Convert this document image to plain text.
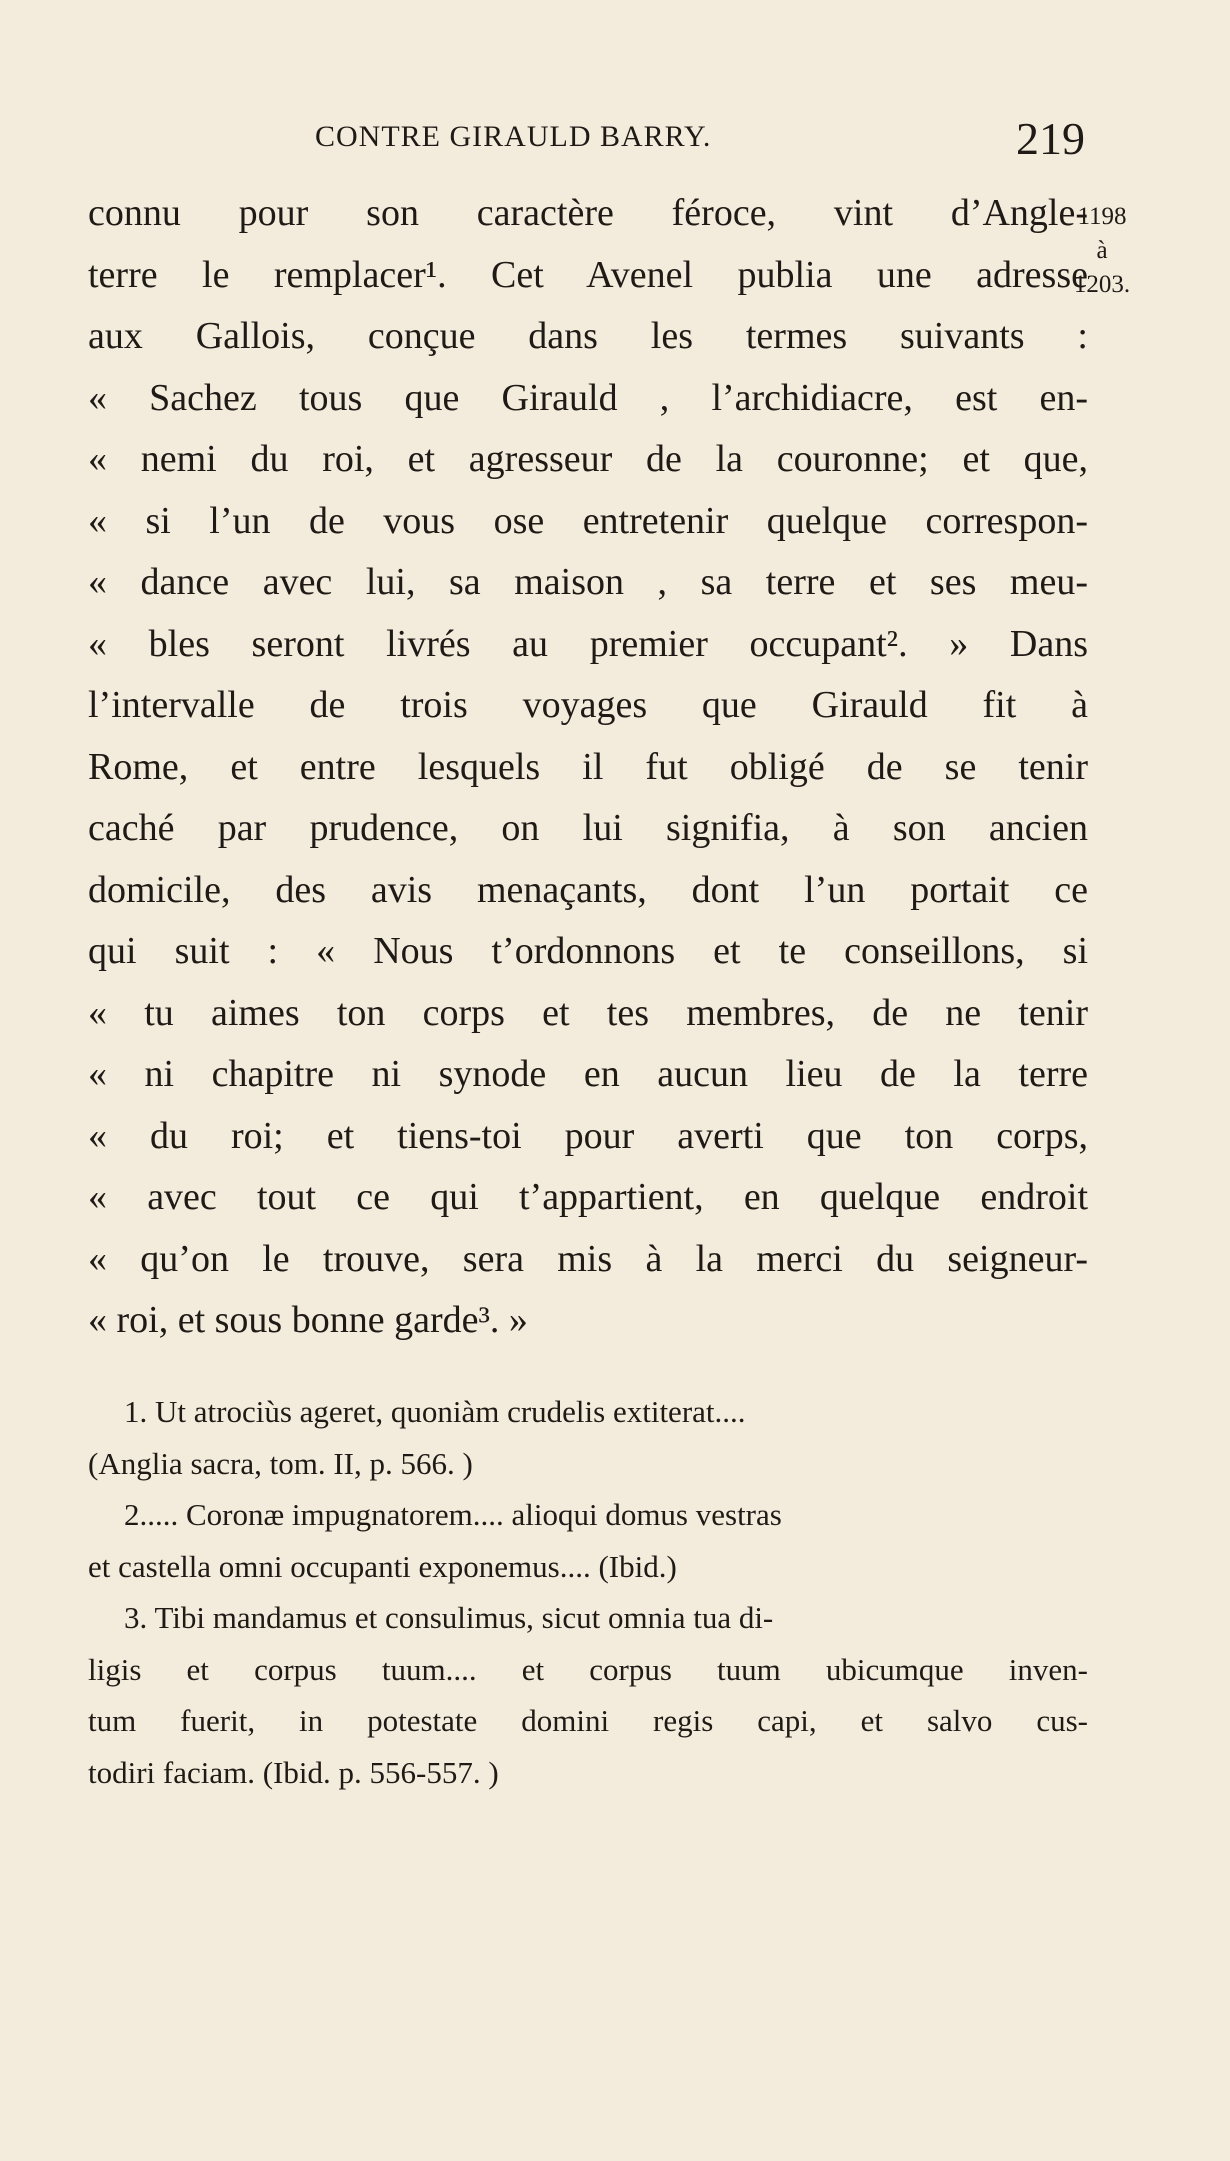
CONTRE GIRAULD BARRY.	219
1198
à
1203.
connu pour son caractère féroce, vint d’Angle-
terre le remplacer¹. Cet Avenel publia une adresse
aux Gallois, conçue dans les termes suivants :
« Sachez tous que Girauld , l’archidiacre, est en-
« nemi du roi, et agresseur de la couronne; et que,
« si l’un de vous ose entretenir quelque correspon-
« dance avec lui, sa maison , sa terre et ses meu-
« bles seront livrés au premier occupant². » Dans
l’intervalle de trois voyages que Girauld fit à
Rome, et entre lesquels il fut obligé de se tenir
caché par prudence, on lui signifia, à son ancien
domicile, des avis menaçants, dont l’un portait ce
qui suit : « Nous t’ordonnons et te conseillons, si
« tu aimes ton corps et tes membres, de ne tenir
« ni chapitre ni synode en aucun lieu de la terre
« du roi; et tiens-toi pour averti que ton corps,
« avec tout ce qui t’appartient, en quelque endroit
« qu’on le trouve, sera mis à la merci du seigneur-
« roi, et sous bonne garde³. »
1. Ut atrociùs ageret, quoniàm crudelis extiterat....
(Anglia sacra, tom. II, p. 566. )
2..... Coronæ impugnatorem.... alioqui domus vestras
et castella omni occupanti exponemus.... (Ibid.)
3. Tibi mandamus et consulimus, sicut omnia tua di-
ligis et corpus tuum.... et corpus tuum ubicumque inven-
tum fuerit, in potestate domini regis capi, et salvo cus-
todiri faciam. (Ibid. p. 556-557. )
